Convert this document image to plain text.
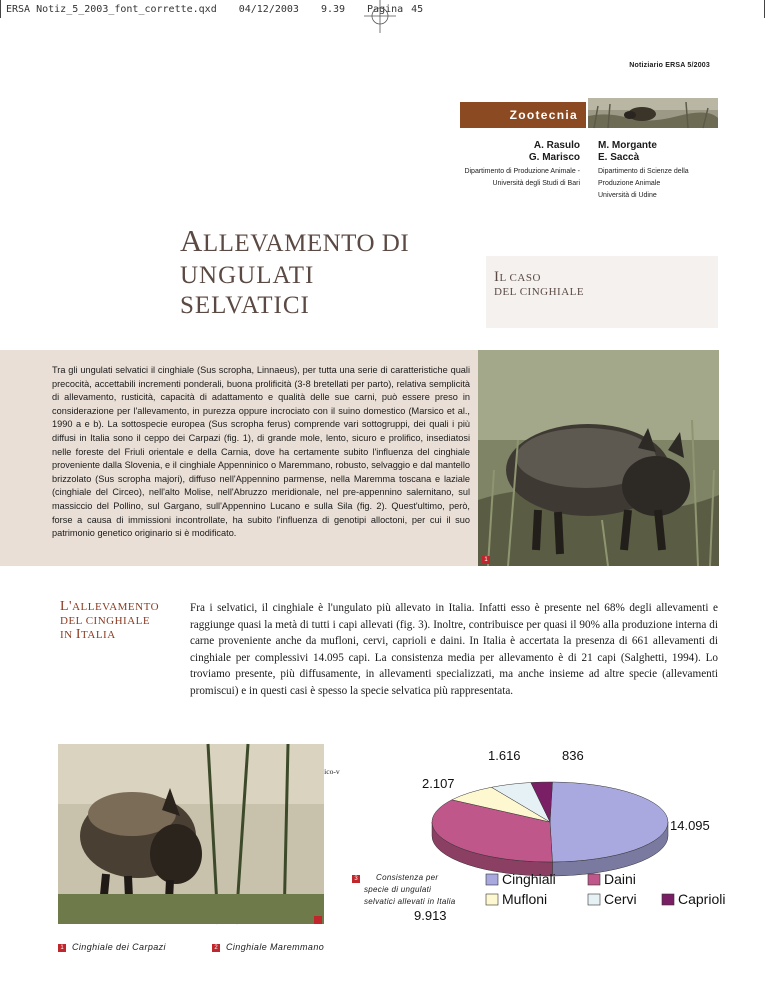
ERSA Notiz_5_2003_font_corrette.qxd 04/12/2003 9.39 Pagina 45
Notiziario ERSA 5/2003
Zootecnia
A. Rasulo
G. Marisco
Dipartimento di Produzione Animale -
Università degli Studi di Bari
M. Morgante
E. Saccà
Dipartimento di Scienze della
Produzione Animale
Università di Udine
ALLEVAMENTO DI
UNGULATI
SELVATICI
IL CASO
DEL CINGHIALE
Tra gli ungulati selvatici il cinghiale (Sus scropha, Linnaeus), per tutta una serie di caratteristiche quali precocità, accettabili incrementi ponderali, buona prolificità (3-8 bretellati per parto), relativa semplicità di allevamento, rusticità, capacità di adattamento e qualità delle sue carni, può essere preso in considerazione per l'allevamento, in purezza oppure incrociato con il suino domestico (Marsico et al., 1990 a e b). La sottospecie europea (Sus scropha ferus) comprende vari sottogruppi, dei quali i più diffusi in Italia sono il ceppo dei Carpazi (fig. 1), di grande mole, lento, sicuro e prolifico, insediatosi nelle foreste del Friuli orientale e della Carnia, dove ha certamente subito l'influenza del cinghiale proveniente dalla Slovenia, e il cinghiale Appenninico o Maremmano, robusto, selvaggio e dal mantello brizzolato (Sus scropha majori), diffuso nell'Appennino parmense, nella Maremma toscana e laziale (cinghiale del Circeo), nell'alto Molise, nell'Abruzzo meridionale, nel pre-appennino salernitano, sul massiccio del Pollino, sul Gargano, sull'Appennino Lucano e sulla Sila (fig. 2). Quest'ultimo, però, forse a causa di immissioni incontrollate, ha subito l'influenza di genotipi alloctoni, per cui il suo patrimonio genetico originario si è modificato.
1
L'ALLEVAMENTO
DEL CINGHIALE
IN ITALIA
Fra i selvatici, il cinghiale è l'ungulato più allevato in Italia. Infatti esso è presente nel 68% degli allevamenti e raggiunge quasi la metà di tutti i capi allevati (fig. 3). Inoltre, contribuisce per quasi il 90% alla produzione interna di carne proveniente anche da mufloni, cervi, caprioli e daini. In Italia è accertata la presenza di 661 allevamenti di cinghiale per complessivi 14.095 capi. La consistenza media per allevamento è di 21 capi (Salghetti, 1994). Lo troviamo presente, più diffusamente, in allevamenti specializzati, ma anche insieme ad altre specie (allevamenti promiscui) e in questi casi è spesso la specie selvatica più rappresentata.
faunistico-venatori,
1 Cinghiale dei Carpazi	2 Cinghiale Maremmano
14.095
9.913
2.107
1.616	836
Cinghiali	Daini
Mufloni	Cervi	Caprioli
3	Consistenza per
specie di ungulati
selvatici allevati in Italia
